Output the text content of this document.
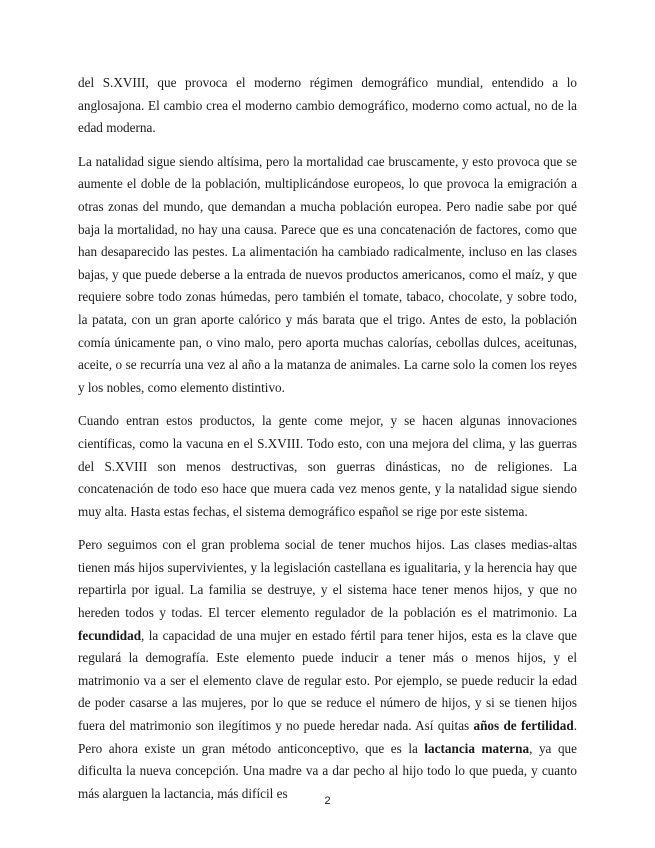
del S.XVIII, que provoca el moderno régimen demográfico mundial, entendido a lo anglosajona. El cambio crea el moderno cambio demográfico, moderno como actual, no de la edad moderna.

La natalidad sigue siendo altísima, pero la mortalidad cae bruscamente, y esto provoca que se aumente el doble de la población, multiplicándose europeos, lo que provoca la emigración a otras zonas del mundo, que demandan a mucha población europea. Pero nadie sabe por qué baja la mortalidad, no hay una causa. Parece que es una concatenación de factores, como que han desaparecido las pestes. La alimentación ha cambiado radicalmente, incluso en las clases bajas, y que puede deberse a la entrada de nuevos productos americanos, como el maíz, y que requiere sobre todo zonas húmedas, pero también el tomate, tabaco, chocolate, y sobre todo, la patata, con un gran aporte calórico y más barata que el trigo. Antes de esto, la población comía únicamente pan, o vino malo, pero aporta muchas calorías, cebollas dulces, aceitunas, aceite, o se recurría una vez al año a la matanza de animales. La carne solo la comen los reyes y los nobles, como elemento distintivo.

Cuando entran estos productos, la gente come mejor, y se hacen algunas innovaciones científicas, como la vacuna en el S.XVIII. Todo esto, con una mejora del clima, y las guerras del S.XVIII son menos destructivas, son guerras dinásticas, no de religiones. La concatenación de todo eso hace que muera cada vez menos gente, y la natalidad sigue siendo muy alta. Hasta estas fechas, el sistema demográfico español se rige por este sistema.

Pero seguimos con el gran problema social de tener muchos hijos. Las clases medias-altas tienen más hijos supervivientes, y la legislación castellana es igualitaria, y la herencia hay que repartirla por igual. La familia se destruye, y el sistema hace tener menos hijos, y que no hereden todos y todas. El tercer elemento regulador de la población es el matrimonio. La fecundidad, la capacidad de una mujer en estado fértil para tener hijos, esta es la clave que regulará la demografía. Este elemento puede inducir a tener más o menos hijos, y el matrimonio va a ser el elemento clave de regular esto. Por ejemplo, se puede reducir la edad de poder casarse a las mujeres, por lo que se reduce el número de hijos, y si se tienen hijos fuera del matrimonio son ilegítimos y no puede heredar nada. Así quitas años de fertilidad. Pero ahora existe un gran método anticonceptivo, que es la lactancia materna, ya que dificulta la nueva concepción. Una madre va a dar pecho al hijo todo lo que pueda, y cuanto más alarguen la lactancia, más difícil es

2
